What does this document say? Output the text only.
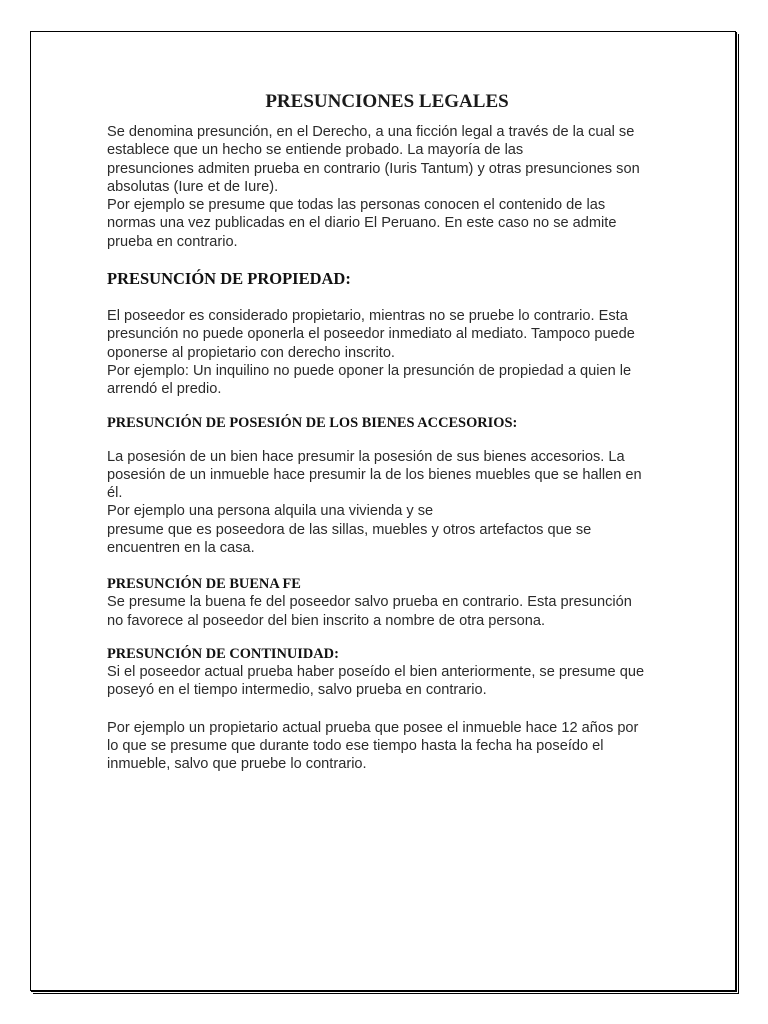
PRESUNCIONES LEGALES

Se denomina presunción, en el Derecho, a una ficción legal a través de la cual se
establece que un hecho se entiende probado. La mayoría de las
presunciones admiten prueba en contrario (Iuris Tantum) y otras presunciones son
absolutas (Iure et de Iure).
Por ejemplo se presume que todas las personas conocen el contenido de las
normas una vez publicadas en el diario El Peruano. En este caso no se admite
prueba en contrario.

PRESUNCIÓN DE PROPIEDAD:

El poseedor es considerado propietario, mientras no se pruebe lo contrario. Esta
presunción no puede oponerla el poseedor inmediato al mediato. Tampoco puede
oponerse al propietario con derecho inscrito.
Por ejemplo: Un inquilino no puede oponer la presunción de propiedad a quien le
arrendó el predio.

PRESUNCIÓN DE POSESIÓN DE LOS BIENES ACCESORIOS:

La posesión de un bien hace presumir la posesión de sus bienes accesorios. La
posesión de un inmueble hace presumir la de los bienes muebles que se hallen en
él.
Por ejemplo una persona alquila una vivienda y se
presume que es poseedora de las sillas, muebles y otros artefactos que se
encuentren en la casa.

PRESUNCIÓN DE BUENA FE

Se presume la buena fe del poseedor salvo prueba en contrario. Esta presunción
no favorece al poseedor del bien inscrito a nombre de otra persona.

PRESUNCIÓN DE CONTINUIDAD:

Si el poseedor actual prueba haber poseído el bien anteriormente, se presume que
poseyó en el tiempo intermedio, salvo prueba en contrario.

Por ejemplo un propietario actual prueba que posee el inmueble hace 12 años por
lo que se presume que durante todo ese tiempo hasta la fecha ha poseído el
inmueble, salvo que pruebe lo contrario.
